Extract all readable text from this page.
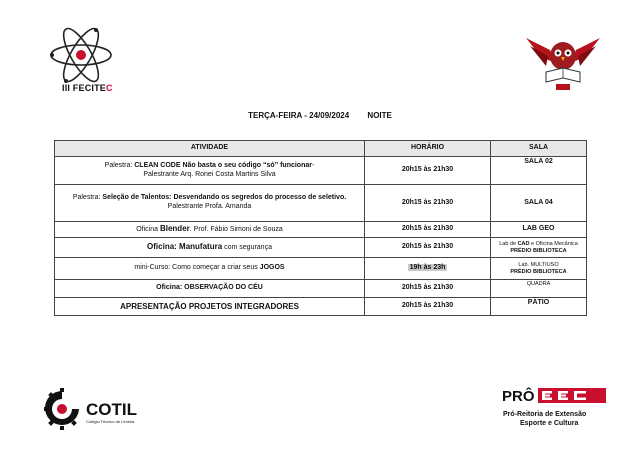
III FECITEC
TERÇA-FEIRA - 24/09/2024 NOITE
ATIVIDADE	HORÁRIO	SALA
Palestra: CLEAN CODE Não basta o seu código “só” funcionar-
Palestrante Arq. Ronei Costa Martins Silva	20h15 às 21h30	SALA 02
Palestra: Seleção de Talentos: Desvendando os segredos do processo de seletivo.
Palestrante Profa. Amanda	20h15 às 21h30	SALA 04
Oficina Blender. Prof. Fábio Simoni de Souza	20h15 às 21h30	LAB GEO
Oficina: Manufatura com segurança	20h15 às 21h30	Lab de CAD e Oficina Mecânica
PRÉDIO BIBLIOTECA
mini-Curso: Como começar a criar seus JOGOS	19h às 23h	Lab. MULTIUSO
PRÉDIO BIBLIOTECA
Oficina: OBSERVAÇÃO DO CÉU	20h15 às 21h30	QUADRA
APRESENTAÇÃO PROJETOS INTEGRADORES	20h15 às 21h30	PÁTIO
COTIL
Colégio Técnico de Limeira
PRÔ
Pró-Reitoria de Extensão
Esporte e Cultura
